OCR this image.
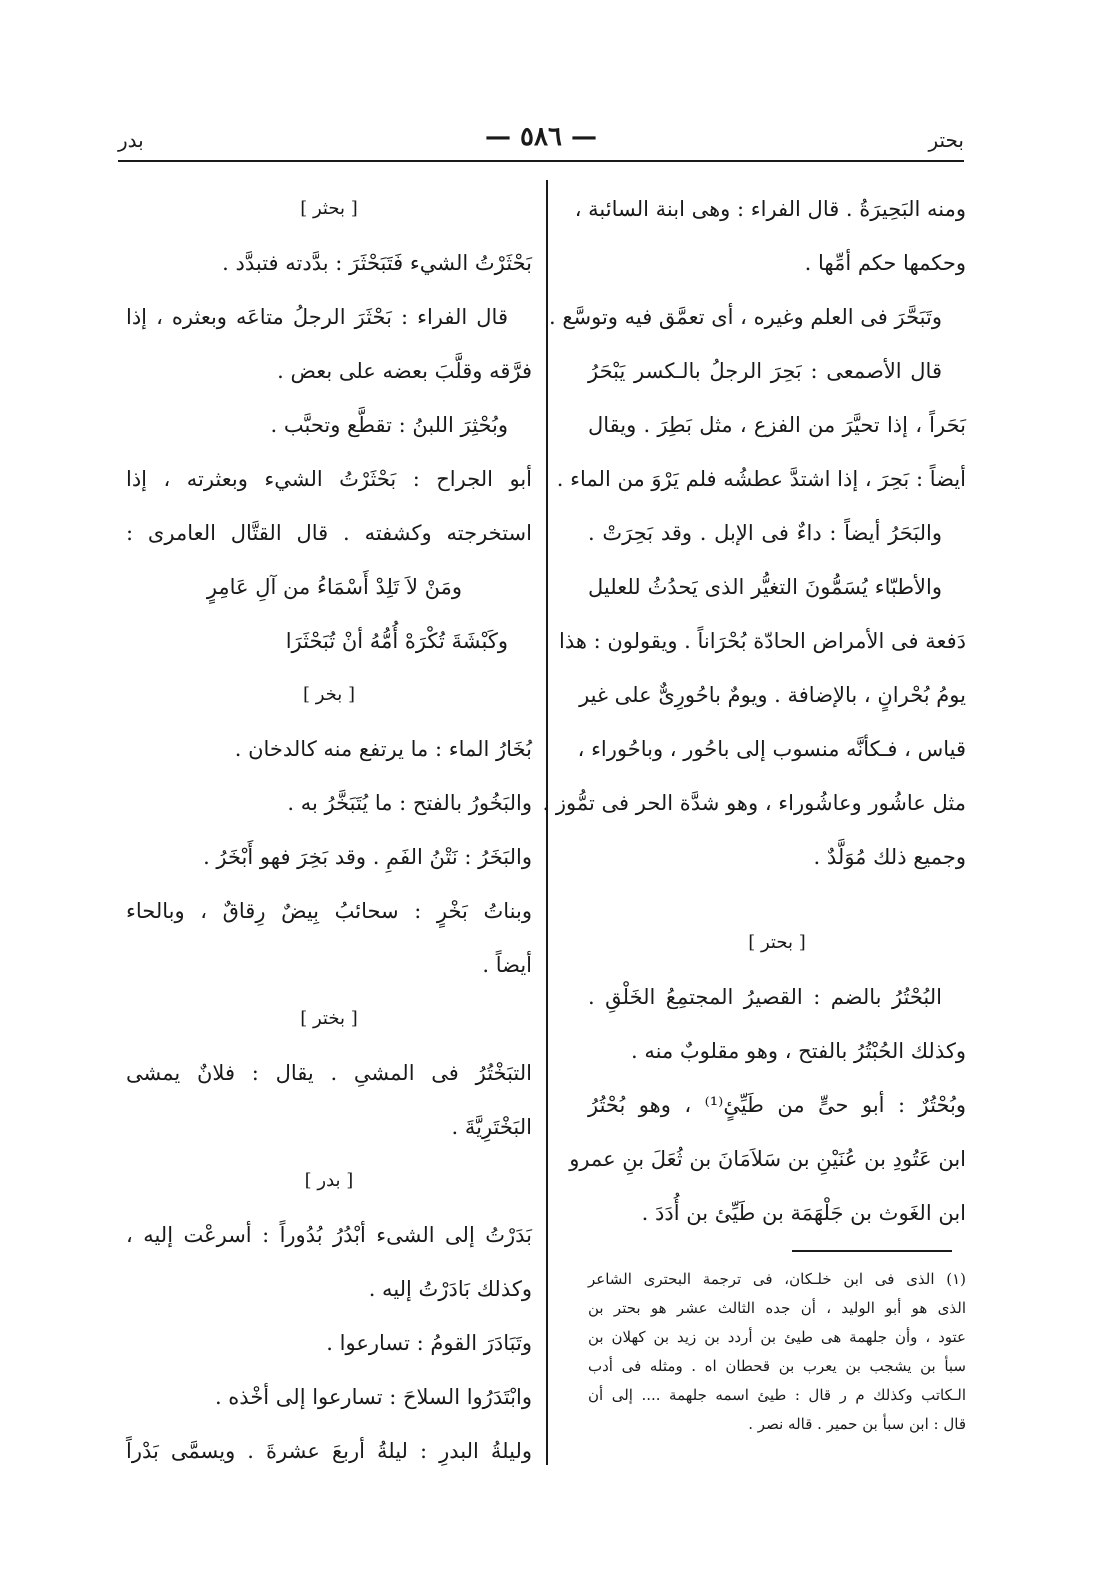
بحتر
— ٥٨٦ —
بدر
ومنه البَحِيرَةُ . قال الفراء : وهى ابنة السائبة ،
وحكمها حكم أمِّها .
وتَبَحَّرَ فى العلم وغيره ، أى تعمَّق فيه وتوسَّع .
قال الأصمعى : بَحِرَ الرجلُ بالـكسر يَبْحَرُ
بَحَراً ، إذا تحيَّرَ من الفزع ، مثل بَطِرَ . ويقال
أيضاً : بَحِرَ ، إذا اشتدَّ عطشُه فلم يَرْوَ من الماء .
والبَحَرُ أيضاً : داءٌ فى الإبل . وقد بَحِرَتْ .
والأطبّاء يُسَمُّونَ التغيُّر الذى يَحدُثُ للعليل
دَفعة فى الأمراض الحادّة بُحْرَاناً . ويقولون : هذا
يومُ بُحْرانٍ ، بالإضافة . ويومٌ باحُورِىٌّ على غير
قياس ، فـكأنَّه منسوب إلى باحُور ، وباحُوراء ،
مثل عاشُور وعاشُوراء ، وهو شدَّة الحر فى تمُّوز .
وجميع ذلك مُوَلَّدٌ .
[ بحتر ]
البُحْتُرُ بالضم : القصيرُ المجتمِعُ الخَلْقِ .
وكذلك الحُبْتُرُ بالفتح ، وهو مقلوبٌ منه .
وبُحْتُرٌ : أبو حىٍّ من طَيِّئٍ⁽¹⁾ ، وهو بُحْتُرُ
ابن عَتُودِ بن عُنَيْنِ بن سَلاَمَانَ بن ثُعَلَ بنِ عمرو
ابن الغَوث بن جَلْهَمَة بن طَيِّئ بن أُدَدَ .
(١) الذى فى ابن خلـكان، فى ترجمة البحترى الشاعر
الذى هو أبو الوليد ، أن جده الثالث عشر هو بحتر بن
عتود ، وأن جلهمة هى طيئ بن أردد بن زيد بن كهلان بن
سبأ بن يشجب بن يعرب بن قحطان اه . ومثله فى أدب
الـكاتب وكذلك م ر قال : طيئ اسمه جلهمة .... إلى أن
قال : ابن سبأ بن حمير . قاله نصر .
[ بحثر ]
بَحْثَرْتُ الشيء فَتَبَحْثَرَ : بدَّدته فتبدَّد .
قال الفراء : بَحْثَرَ الرجلُ متاعَه وبعثره ، إذا
فرَّقه وقلَّبَ بعضه على بعض .
وبُحْثِرَ اللبنُ : تقطَّع وتحبَّب .
أبو الجراح : بَحْثَرْتُ الشيء وبعثرته ، إذا
استخرجته وكشفته . قال القتَّال العامرى :
ومَنْ لاَ تَلِدْ أَسْمَاءُ من آلِ عَامِرٍ
وكَبْشَةَ تُكْرَهْ أُمُّهُ أنْ تُبَحْثَرَا
[ بخر ]
بُخَارُ الماء : ما يرتفع منه كالدخان .
والبَخُورُ بالفتح : ما يُتَبَخَّرُ به .
والبَخَرُ : نَتْنُ الفَمِ . وقد بَخِرَ فهو أَبْخَرُ .
وبناتُ بَخْرٍ : سحائبُ بِيضٌ رِقاقٌ ، وبالحاء
أيضاً .
[ بختر ]
التبَخْتُرُ فى المشىِ . يقال : فلانٌ يمشى
البَخْتَرِيَّةَ .
[ بدر ]
بَدَرْتُ إلى الشىء أبْدُرُ بُدُوراً : أسرعْت إليه ،
وكذلك بَادَرْتُ إليه .
وتَبَادَرَ القومُ : تسارعوا .
وابْتَدَرُوا السلاحَ : تسارعوا إلى أخْذه .
وليلةُ البدرِ : ليلةُ أربعَ عشرةَ . ويسمَّى بَدْراً
